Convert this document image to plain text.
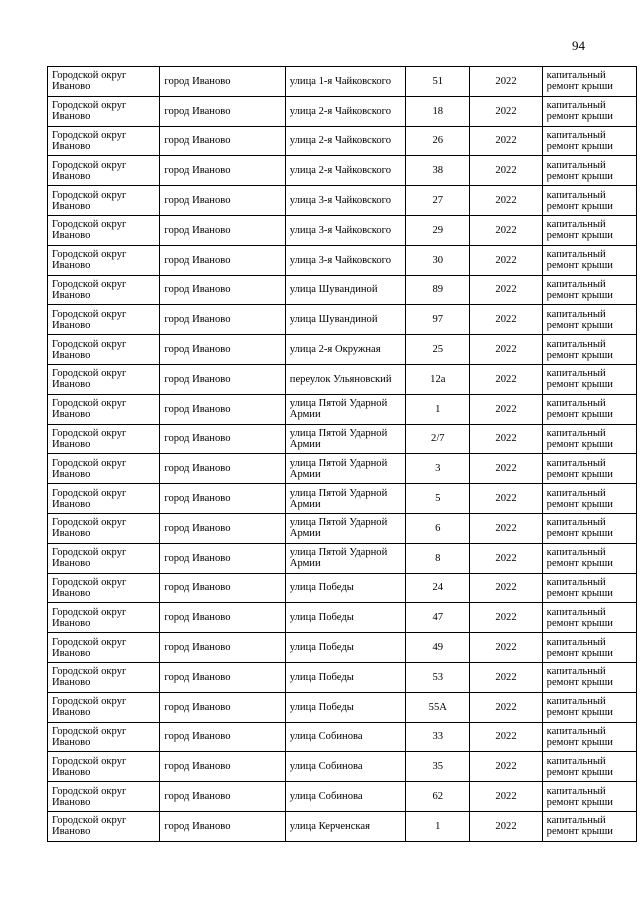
94
Городской округ Иваново	город Иваново	улица 1-я Чайковского	51	2022	капитальный ремонт крыши
Городской округ Иваново	город Иваново	улица 2-я Чайковского	18	2022	капитальный ремонт крыши
Городской округ Иваново	город Иваново	улица 2-я Чайковского	26	2022	капитальный ремонт крыши
Городской округ Иваново	город Иваново	улица 2-я Чайковского	38	2022	капитальный ремонт крыши
Городской округ Иваново	город Иваново	улица 3-я Чайковского	27	2022	капитальный ремонт крыши
Городской округ Иваново	город Иваново	улица 3-я Чайковского	29	2022	капитальный ремонт крыши
Городской округ Иваново	город Иваново	улица 3-я Чайковского	30	2022	капитальный ремонт крыши
Городской округ Иваново	город Иваново	улица Шувандиной	89	2022	капитальный ремонт крыши
Городской округ Иваново	город Иваново	улица Шувандиной	97	2022	капитальный ремонт крыши
Городской округ Иваново	город Иваново	улица 2-я Окружная	25	2022	капитальный ремонт крыши
Городской округ Иваново	город Иваново	переулок Ульяновский	12а	2022	капитальный ремонт крыши
Городской округ Иваново	город Иваново	улица Пятой Ударной Армии	1	2022	капитальный ремонт крыши
Городской округ Иваново	город Иваново	улица Пятой Ударной Армии	2/7	2022	капитальный ремонт крыши
Городской округ Иваново	город Иваново	улица Пятой Ударной Армии	3	2022	капитальный ремонт крыши
Городской округ Иваново	город Иваново	улица Пятой Ударной Армии	5	2022	капитальный ремонт крыши
Городской округ Иваново	город Иваново	улица Пятой Ударной Армии	6	2022	капитальный ремонт крыши
Городской округ Иваново	город Иваново	улица Пятой Ударной Армии	8	2022	капитальный ремонт крыши
Городской округ Иваново	город Иваново	улица Победы	24	2022	капитальный ремонт крыши
Городской округ Иваново	город Иваново	улица Победы	47	2022	капитальный ремонт крыши
Городской округ Иваново	город Иваново	улица Победы	49	2022	капитальный ремонт крыши
Городской округ Иваново	город Иваново	улица Победы	53	2022	капитальный ремонт крыши
Городской округ Иваново	город Иваново	улица Победы	55А	2022	капитальный ремонт крыши
Городской округ Иваново	город Иваново	улица Собинова	33	2022	капитальный ремонт крыши
Городской округ Иваново	город Иваново	улица Собинова	35	2022	капитальный ремонт крыши
Городской округ Иваново	город Иваново	улица Собинова	62	2022	капитальный ремонт крыши
Городской округ Иваново	город Иваново	улица Керченская	1	2022	капитальный ремонт крыши
